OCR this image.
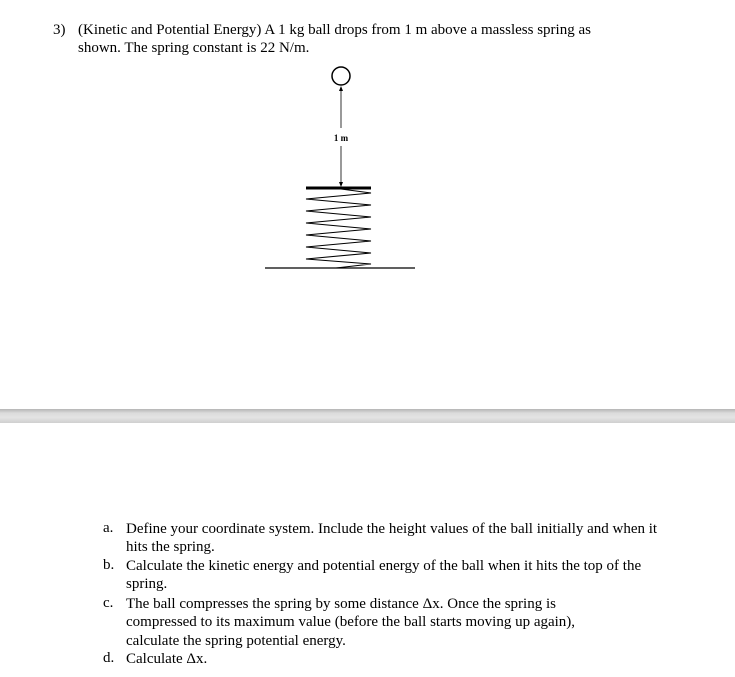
3) (Kinetic and Potential Energy) A 1 kg ball drops from 1 m above a massless spring as
shown. The spring constant is 22 N/m.
1 m
a. Define your coordinate system. Include the height values of the ball initially and when it hits the spring.
b. Calculate the kinetic energy and potential energy of the ball when it hits the top of the spring.
c. The ball compresses the spring by some distance Δx. Once the spring is compressed to its maximum value (before the ball starts moving up again), calculate the spring potential energy.
d. Calculate Δx.
